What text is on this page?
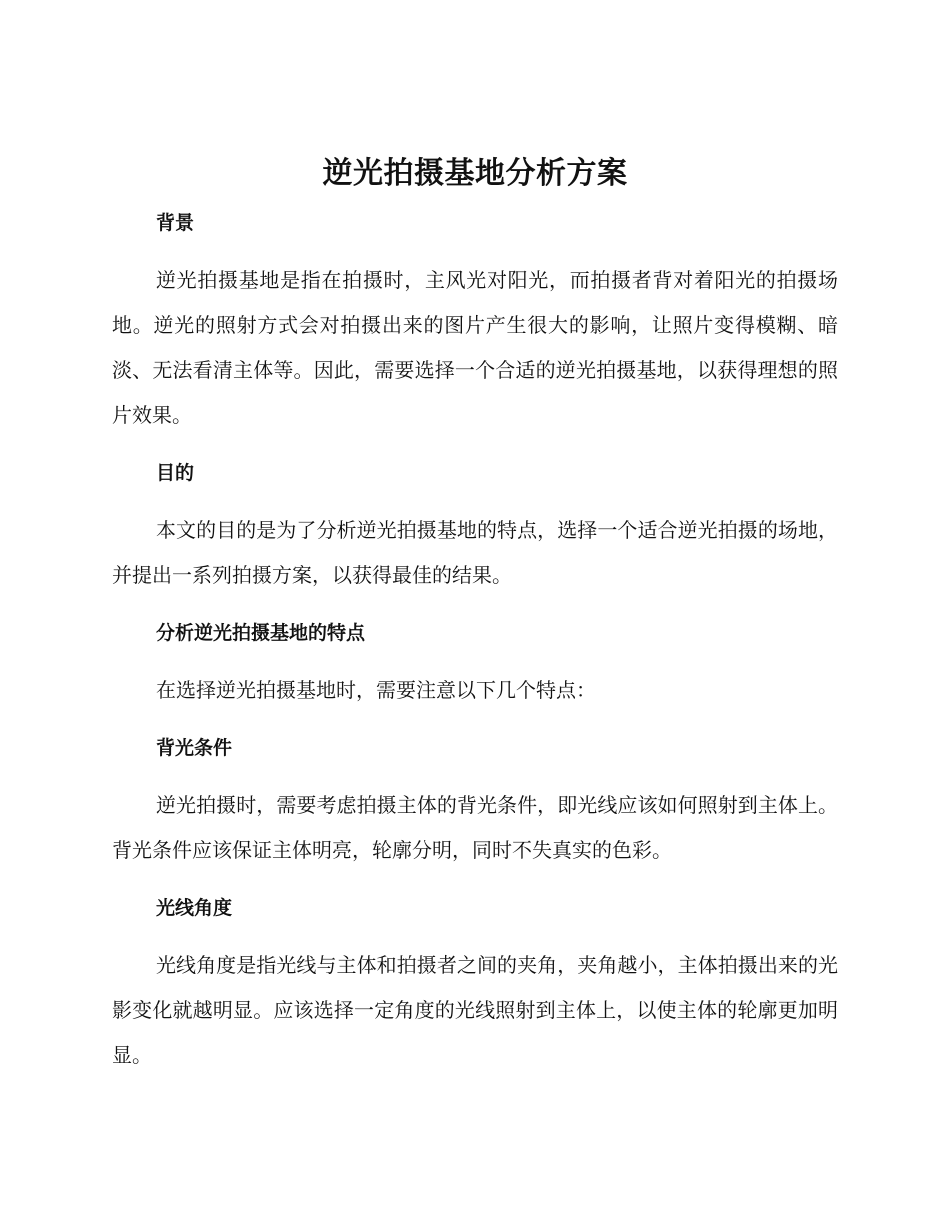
逆光拍摄基地分析方案
背景

逆光拍摄基地是指在拍摄时，主风光对阳光，而拍摄者背对着阳光的拍摄场地。逆光的照射方式会对拍摄出来的图片产生很大的影响，让照片变得模糊、暗淡、无法看清主体等。因此，需要选择一个合适的逆光拍摄基地，以获得理想的照片效果。

目的

本文的目的是为了分析逆光拍摄基地的特点，选择一个适合逆光拍摄的场地，并提出一系列拍摄方案，以获得最佳的结果。

分析逆光拍摄基地的特点

在选择逆光拍摄基地时，需要注意以下几个特点：

背光条件

逆光拍摄时，需要考虑拍摄主体的背光条件，即光线应该如何照射到主体上。背光条件应该保证主体明亮，轮廓分明，同时不失真实的色彩。

光线角度

光线角度是指光线与主体和拍摄者之间的夹角，夹角越小，主体拍摄出来的光影变化就越明显。应该选择一定角度的光线照射到主体上，以使主体的轮廓更加明显。
